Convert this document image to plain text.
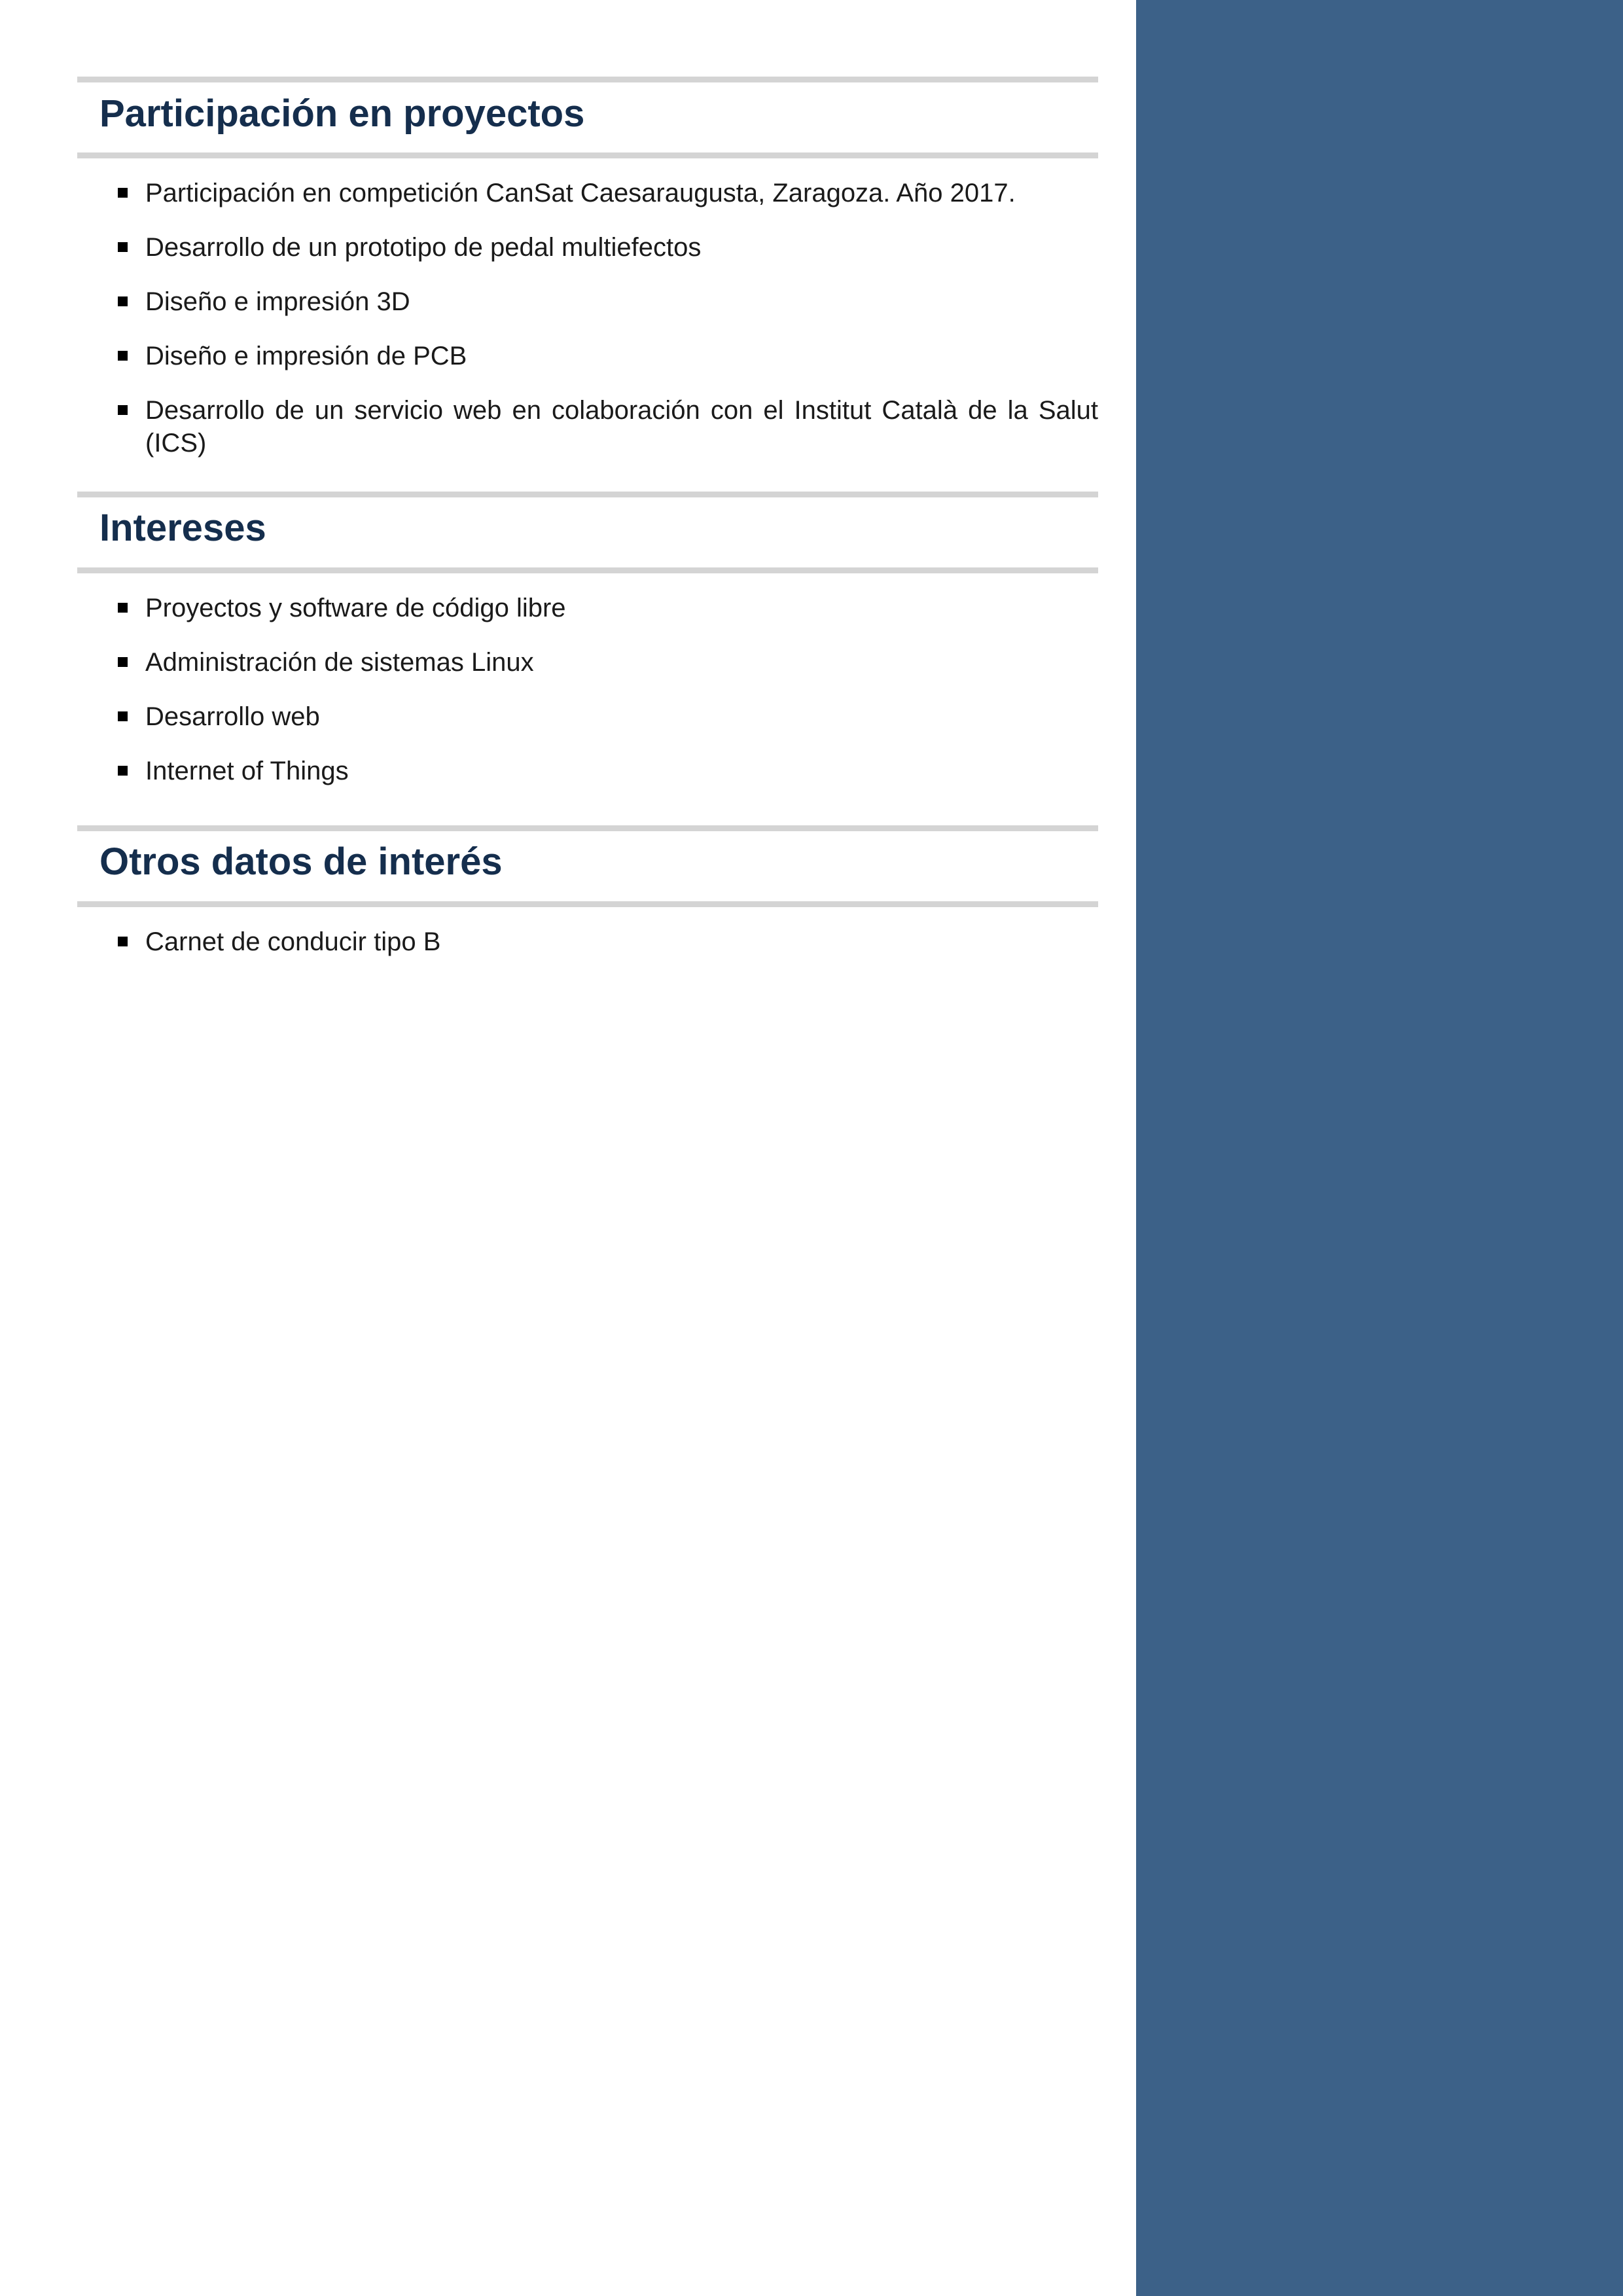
Participación en proyectos
Participación en competición CanSat Caesaraugusta, Zaragoza. Año 2017.
Desarrollo de un prototipo de pedal multiefectos
Diseño e impresión 3D
Diseño e impresión de PCB
Desarrollo de un servicio web en colaboración con el Institut Català de la Salut (ICS)
Intereses
Proyectos y software de código libre
Administración de sistemas Linux
Desarrollo web
Internet of Things
Otros datos de interés
Carnet de conducir tipo B
